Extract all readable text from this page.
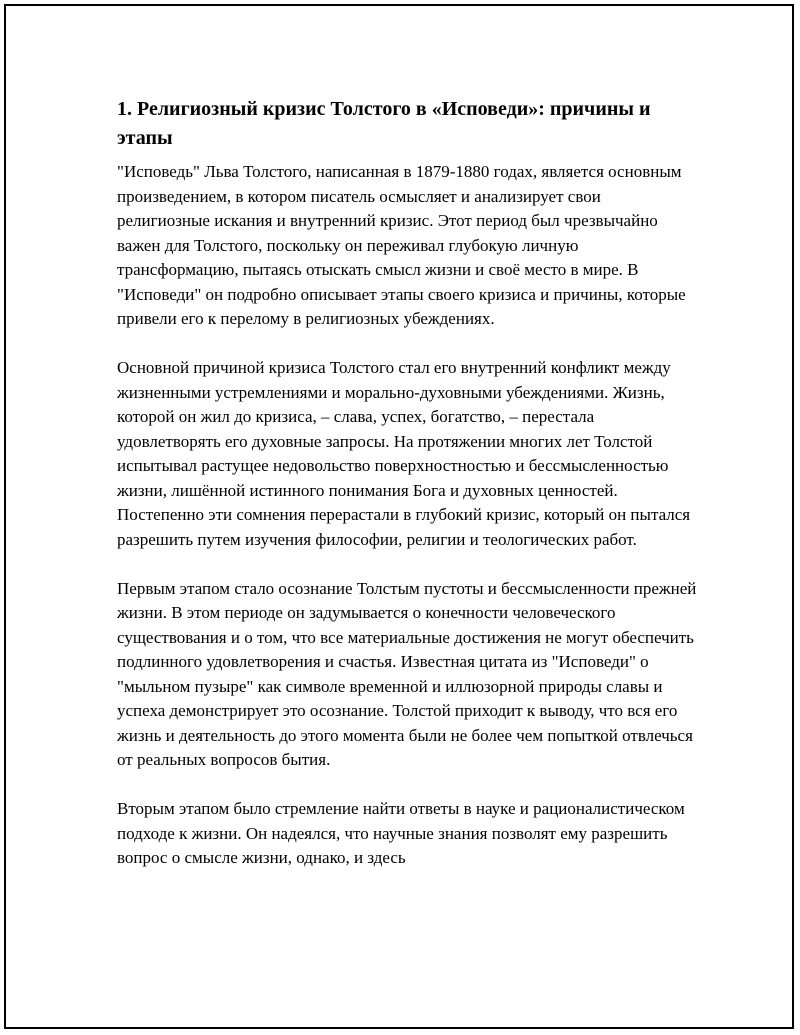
1. Религиозный кризис Толстого в «Исповеди»: причины и этапы

"Исповедь" Льва Толстого, написанная в 1879-1880 годах, является основным произведением, в котором писатель осмысляет и анализирует свои религиозные искания и внутренний кризис. Этот период был чрезвычайно важен для Толстого, поскольку он переживал глубокую личную трансформацию, пытаясь отыскать смысл жизни и своё место в мире. В "Исповеди" он подробно описывает этапы своего кризиса и причины, которые привели его к перелому в религиозных убеждениях.

Основной причиной кризиса Толстого стал его внутренний конфликт между жизненными устремлениями и морально-духовными убеждениями. Жизнь, которой он жил до кризиса, – слава, успех, богатство, – перестала удовлетворять его духовные запросы. На протяжении многих лет Толстой испытывал растущее недовольство поверхностностью и бессмысленностью жизни, лишённой истинного понимания Бога и духовных ценностей. Постепенно эти сомнения перерастали в глубокий кризис, который он пытался разрешить путем изучения философии, религии и теологических работ.

Первым этапом стало осознание Толстым пустоты и бессмысленности прежней жизни. В этом периоде он задумывается о конечности человеческого существования и о том, что все материальные достижения не могут обеспечить подлинного удовлетворения и счастья. Известная цитата из "Исповеди" о "мыльном пузыре" как символе временной и иллюзорной природы славы и успеха демонстрирует это осознание. Толстой приходит к выводу, что вся его жизнь и деятельность до этого момента были не более чем попыткой отвлечься от реальных вопросов бытия.

Вторым этапом было стремление найти ответы в науке и рационалистическом подходе к жизни. Он надеялся, что научные знания позволят ему разрешить вопрос о смысле жизни, однако, и здесь
